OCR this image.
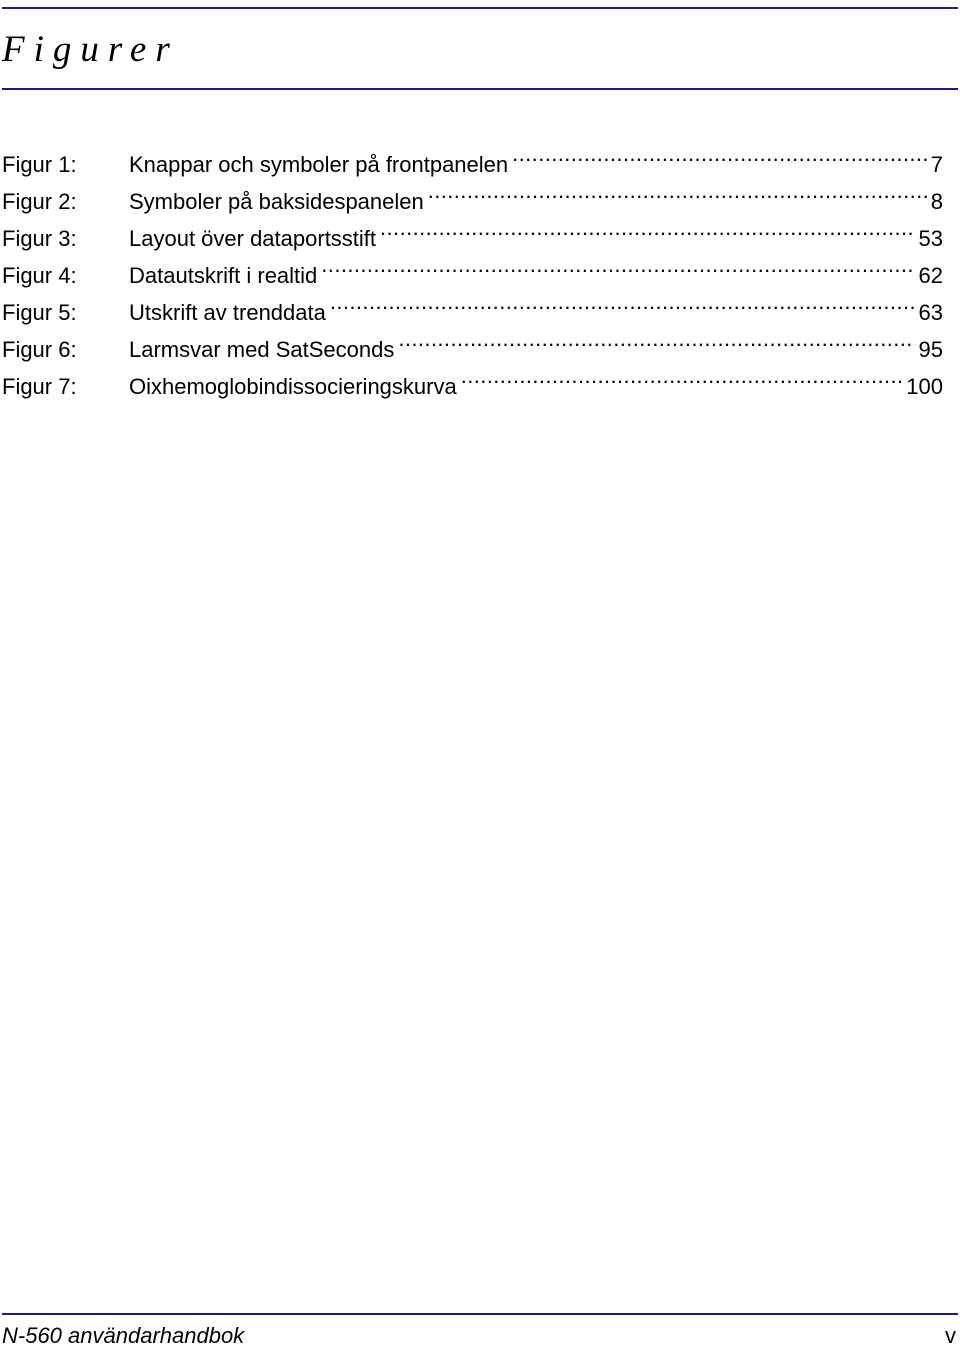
Figurer
Figur 1:	Knappar och symboler på frontpanelen .....	7
Figur 2:	Symboler på baksidespanelen .....	8
Figur 3:	Layout över dataportsstift .....	53
Figur 4:	Datautskrift i realtid .....	62
Figur 5:	Utskrift av trenddata .....	63
Figur 6:	Larmsvar med SatSeconds .....	95
Figur 7:	Oixhemoglobindissocieringskurva .....	100
N-560 användarhandbok	v
